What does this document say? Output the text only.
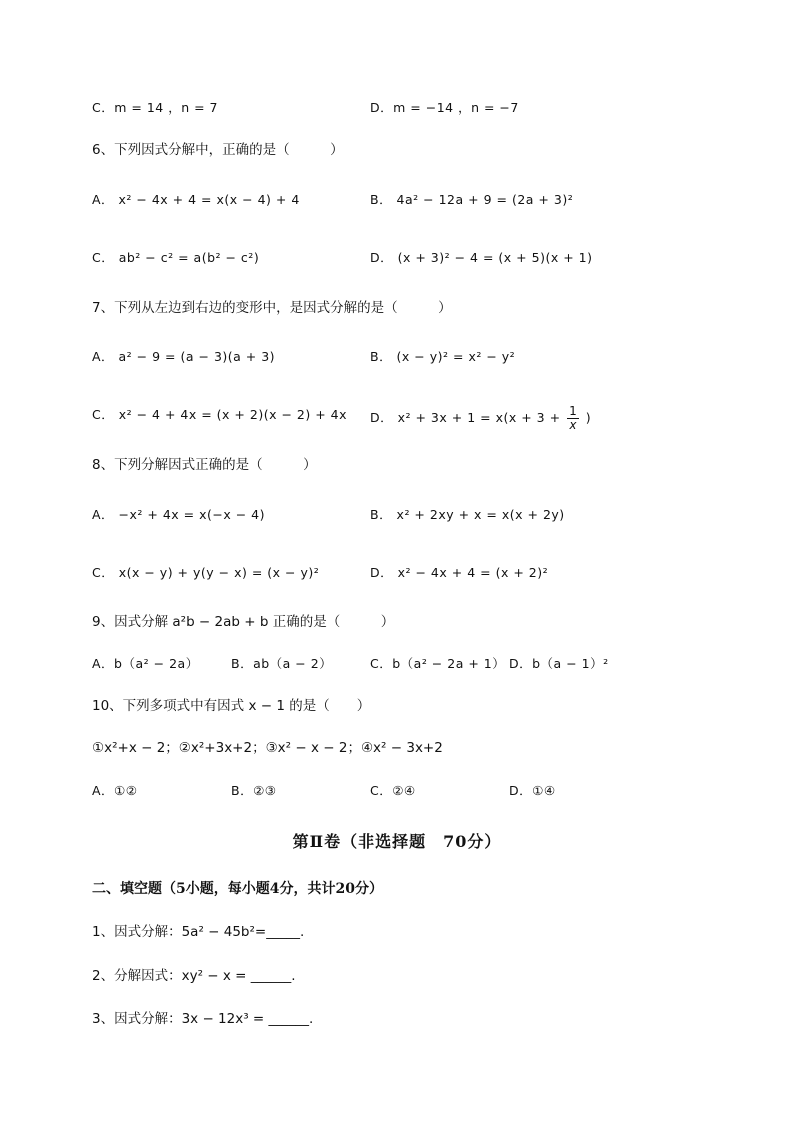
C．m = 14 ，n = 7	D．m = −14 ，n = −7
6、下列因式分解中，正确的是（　　　）
A． x² − 4x + 4 = x(x − 4) + 4	B． 4a² − 12a + 9 = (2a + 3)²
C． ab² − c² = a(b² − c²)	D． (x + 3)² − 4 = (x + 5)(x + 1)
7、下列从左边到右边的变形中，是因式分解的是（　　　）
A． a² − 9 = (a − 3)(a + 3)	B． (x − y)² = x² − y²
C． x² − 4 + 4x = (x + 2)(x − 2) + 4x D． $x^2 + 3x + 1 = x(x + 3 + \frac{1}{x}$ )
8、下列分解因式正确的是（　　　）
A． −x² + 4x = x(−x − 4)	B． x² + 2xy + x = x(x + 2y)
C． x(x − y) + y(y − x) = (x − y)²	D． x² − 4x + 4 = (x + 2)²
9、因式分解 a²b − 2ab + b 正确的是（　　　）
A．b（a² − 2a）	B．ab（a − 2）	C．b（a² − 2a + 1） D．b（a − 1）²
10、下列多项式中有因式 x − 1 的是（　　）
①x²+x − 2；②x²+3x+2；③x² − x − 2；④x² − 3x+2
A．①②	B．②③	C．②④	D．①④
第Ⅱ卷（非选择题　70分）
二、填空题（5小题，每小题4分，共计20分）
1、因式分解：5a² − 45b²=_____.
2、分解因式：xy² − x = ______.
3、因式分解：3x − 12x³ = ______.
